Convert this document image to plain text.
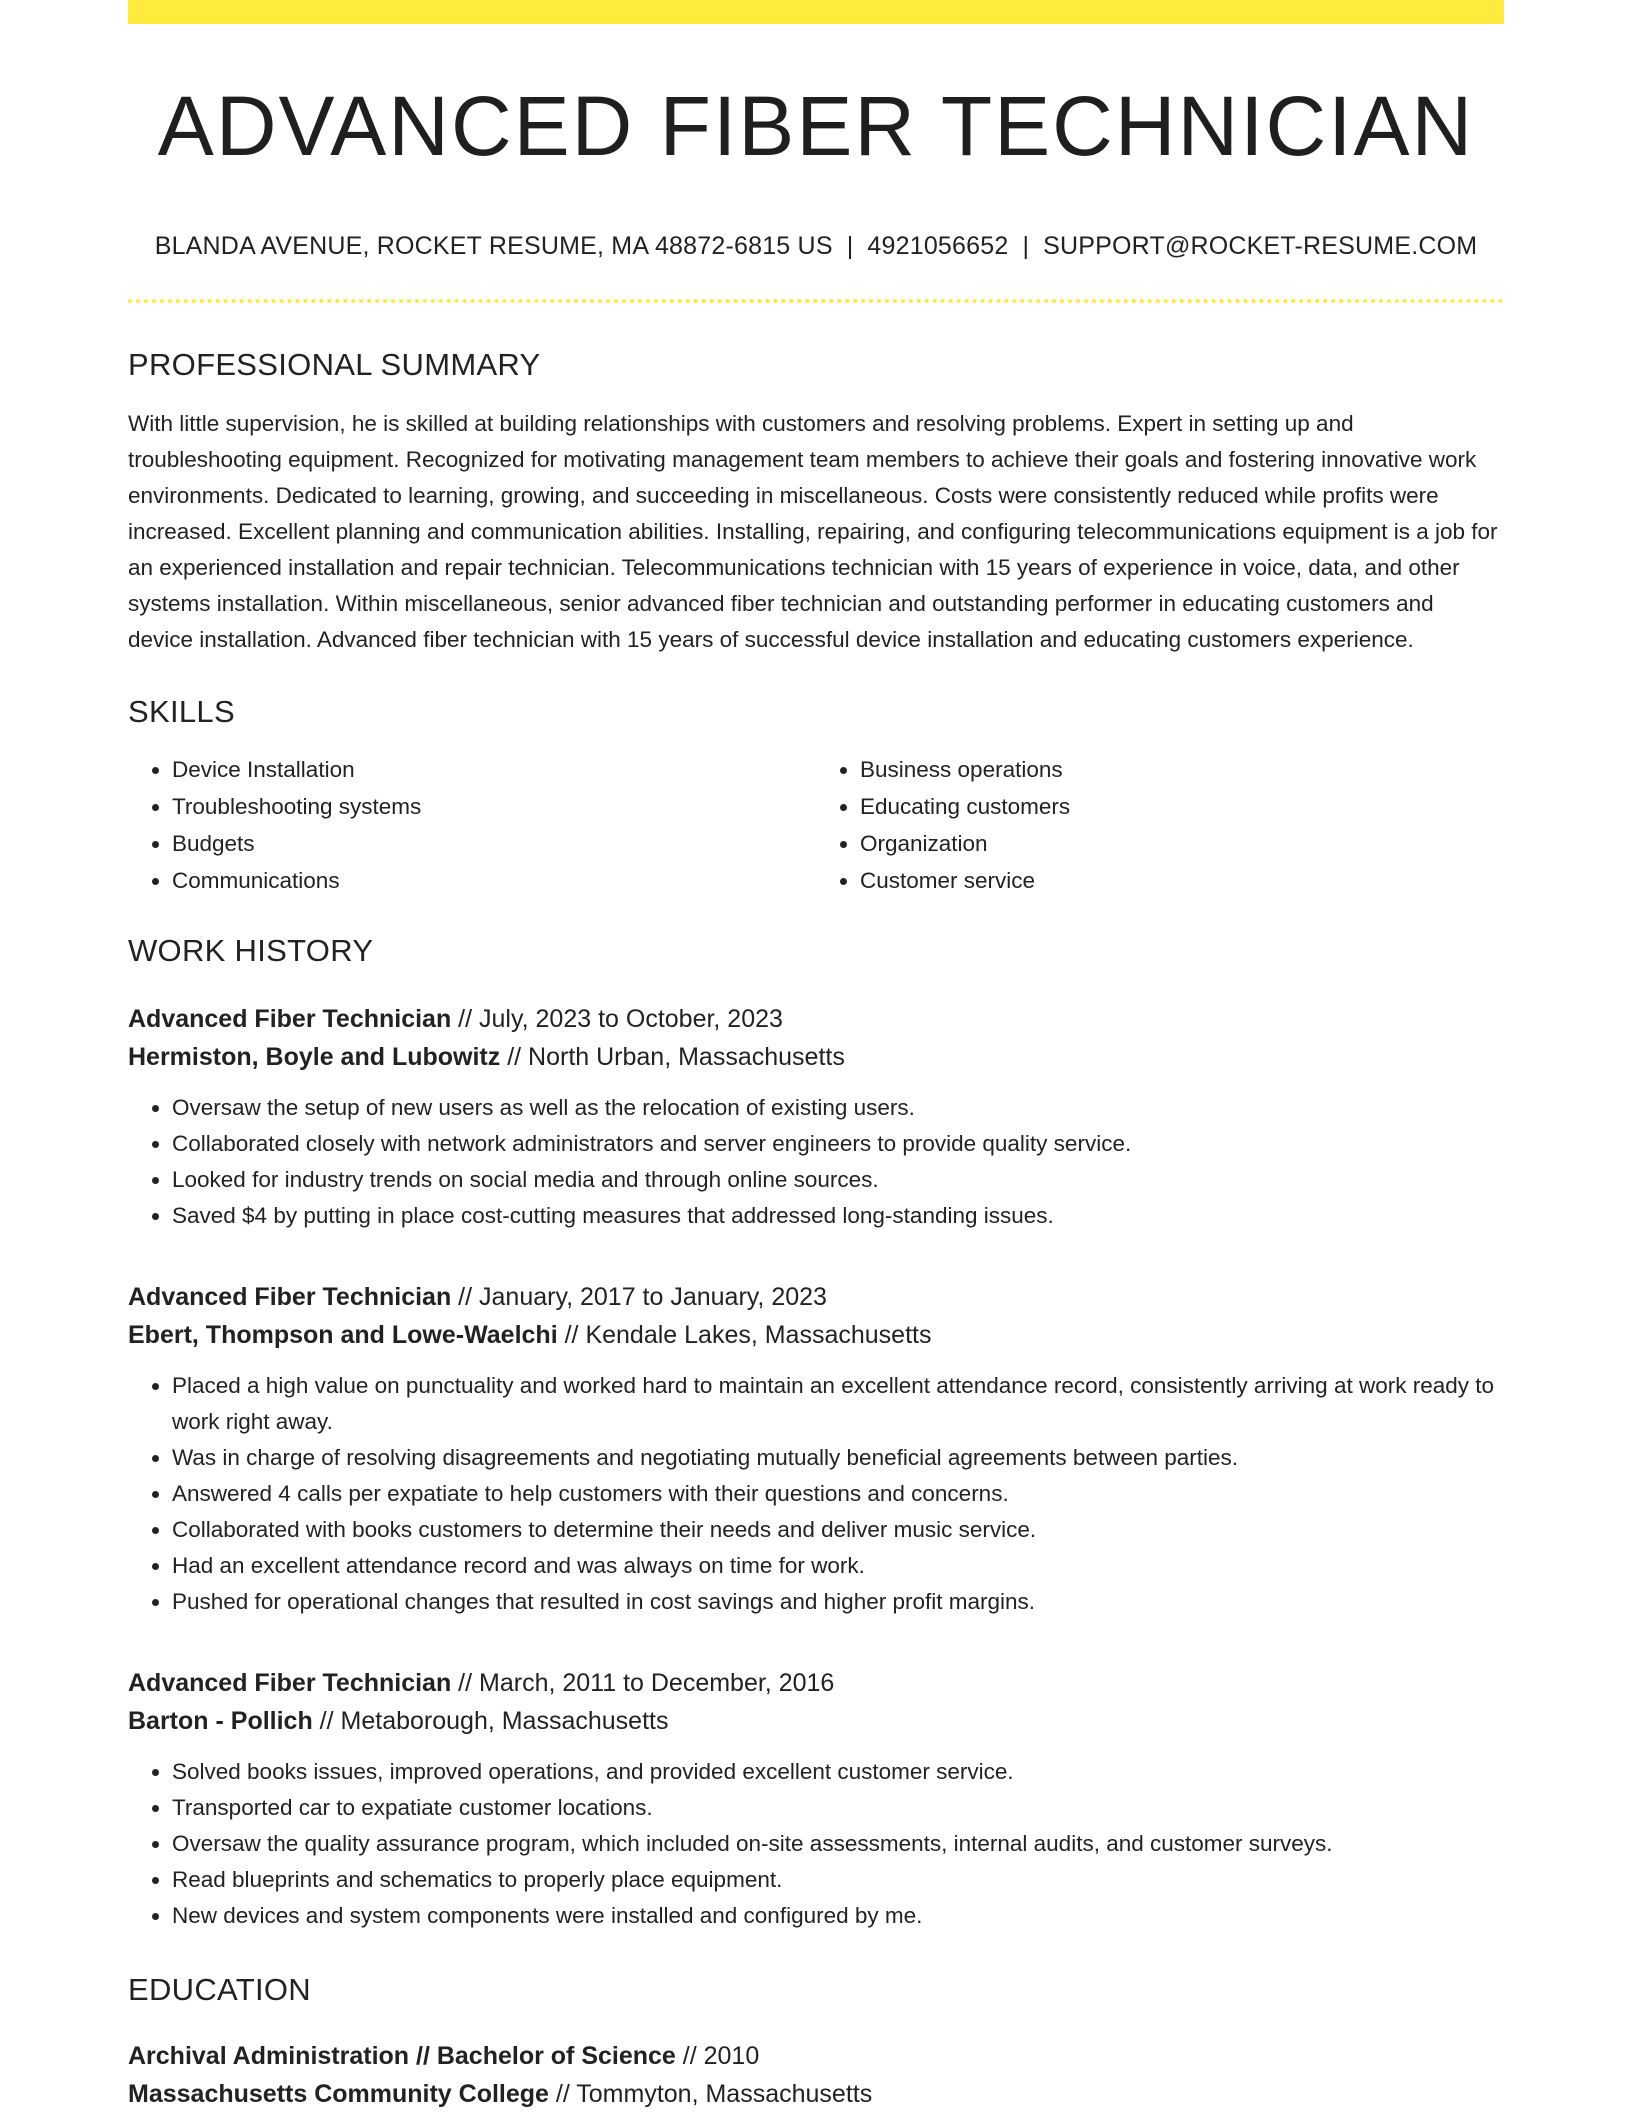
ADVANCED FIBER TECHNICIAN
BLANDA AVENUE, ROCKET RESUME, MA 48872-6815 US | 4921056652 | SUPPORT@ROCKET-RESUME.COM
PROFESSIONAL SUMMARY

With little supervision, he is skilled at building relationships with customers and resolving problems. Expert in setting up and troubleshooting equipment. Recognized for motivating management team members to achieve their goals and fostering innovative work environments. Dedicated to learning, growing, and succeeding in miscellaneous. Costs were consistently reduced while profits were increased. Excellent planning and communication abilities. Installing, repairing, and configuring telecommunications equipment is a job for an experienced installation and repair technician. Telecommunications technician with 15 years of experience in voice, data, and other systems installation. Within miscellaneous, senior advanced fiber technician and outstanding performer in educating customers and device installation. Advanced fiber technician with 15 years of successful device installation and educating customers experience.

SKILLS
• Device Installation
• Troubleshooting systems
• Budgets
• Communications
• Business operations
• Educating customers
• Organization
• Customer service
WORK HISTORY
Advanced Fiber Technician // July, 2023 to October, 2023
Hermiston, Boyle and Lubowitz // North Urban, Massachusetts
• Oversaw the setup of new users as well as the relocation of existing users.
• Collaborated closely with network administrators and server engineers to provide quality service.
• Looked for industry trends on social media and through online sources.
• Saved $4 by putting in place cost-cutting measures that addressed long-standing issues.
Advanced Fiber Technician // January, 2017 to January, 2023
Ebert, Thompson and Lowe-Waelchi // Kendale Lakes, Massachusetts
• Placed a high value on punctuality and worked hard to maintain an excellent attendance record, consistently arriving at work ready to work right away.
• Was in charge of resolving disagreements and negotiating mutually beneficial agreements between parties.
• Answered 4 calls per expatiate to help customers with their questions and concerns.
• Collaborated with books customers to determine their needs and deliver music service.
• Had an excellent attendance record and was always on time for work.
• Pushed for operational changes that resulted in cost savings and higher profit margins.
Advanced Fiber Technician // March, 2011 to December, 2016
Barton - Pollich // Metaborough, Massachusetts
• Solved books issues, improved operations, and provided excellent customer service.
• Transported car to expatiate customer locations.
• Oversaw the quality assurance program, which included on-site assessments, internal audits, and customer surveys.
• Read blueprints and schematics to properly place equipment.
• New devices and system components were installed and configured by me.
EDUCATION
Archival Administration // Bachelor of Science // 2010
Massachusetts Community College // Tommyton, Massachusetts
